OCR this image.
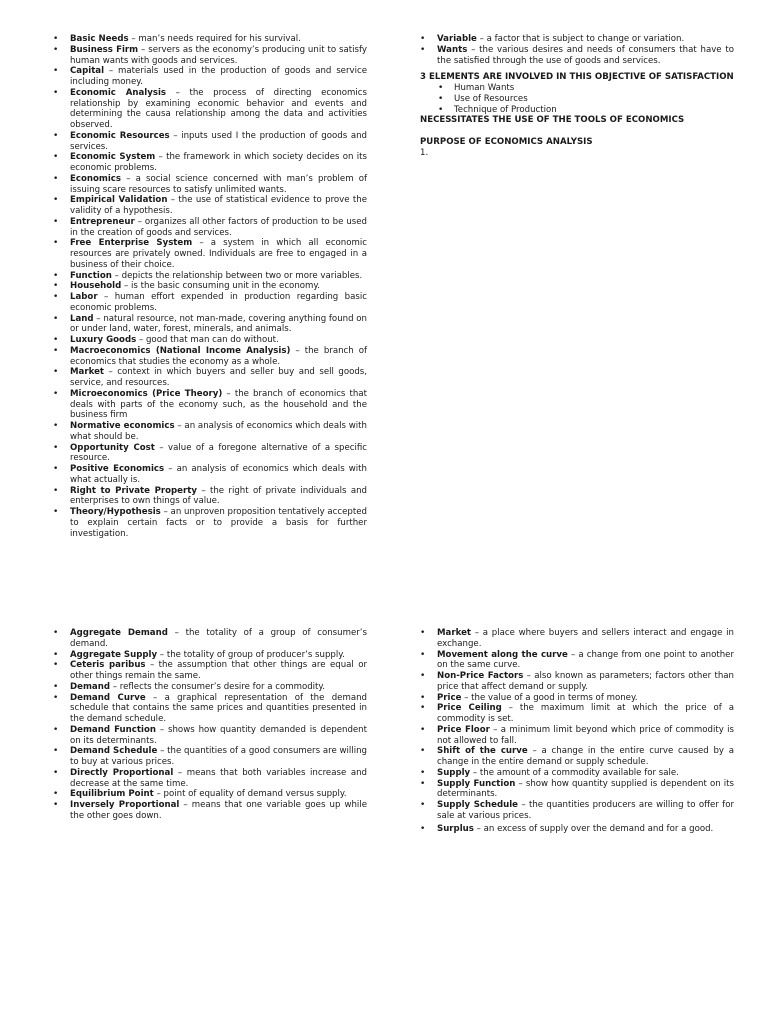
• Basic Needs – man’s needs required for his survival.
• Business Firm – servers as the economy’s producing unit to satisfy human wants with goods and services.
• Capital – materials used in the production of goods and service including money.
• Economic Analysis – the process of directing economics relationship by examining economic behavior and events and determining the causa relationship among the data and activities observed.
• Economic Resources – inputs used I the production of goods and services.
• Economic System – the framework in which society decides on its economic problems.
• Economics – a social science concerned with man’s problem of issuing scare resources to satisfy unlimited wants.
• Empirical Validation – the use of statistical evidence to prove the validity of a hypothesis.
• Entrepreneur – organizes all other factors of production to be used in the creation of goods and services.
• Free Enterprise System – a system in which all economic resources are privately owned. Individuals are free to engaged in a business of their choice.
• Function – depicts the relationship between two or more variables.
• Household – is the basic consuming unit in the economy.
• Labor – human effort expended in production regarding basic economic problems.
• Land – natural resource, not man-made, covering anything found on or under land, water, forest, minerals, and animals.
• Luxury Goods – good that man can do without.
• Macroeconomics (National Income Analysis) – the branch of economics that studies the economy as a whole.
• Market – context in which buyers and seller buy and sell goods, service, and resources.
• Microeconomics (Price Theory) – the branch of economics that deals with parts of the economy such, as the household and the business firm
• Normative economics – an analysis of economics which deals with what should be.
• Opportunity Cost – value of a foregone alternative of a specific resource.
• Positive Economics – an analysis of economics which deals with what actually is.
• Right to Private Property – the right of private individuals and enterprises to own things of value.
• Theory/Hypothesis – an unproven proposition tentatively accepted to explain certain facts or to provide a basis for further investigation.
• Variable – a factor that is subject to change or variation.
• Wants – the various desires and needs of consumers that have to the satisfied through the use of goods and services.
3 ELEMENTS ARE INVOLVED IN THIS OBJECTIVE OF SATISFACTION
• Human Wants
• Use of Resources
• Technique of Production
NECESSITATES THE USE OF THE TOOLS OF ECONOMICS
PURPOSE OF ECONOMICS ANALYSIS
1.
• Aggregate Demand – the totality of a group of consumer’s demand.
• Aggregate Supply – the totality of group of producer’s supply.
• Ceteris paribus – the assumption that other things are equal or other things remain the same.
• Demand – reflects the consumer’s desire for a commodity.
• Demand Curve – a graphical representation of the demand schedule that contains the same prices and quantities presented in the demand schedule.
• Demand Function – shows how quantity demanded is dependent on its determinants.
• Demand Schedule – the quantities of a good consumers are willing to buy at various prices.
• Directly Proportional – means that both variables increase and decrease at the same time.
• Equilibrium Point – point of equality of demand versus supply.
• Inversely Proportional – means that one variable goes up while the other goes down.
• Market – a place where buyers and sellers interact and engage in exchange.
• Movement along the curve – a change from one point to another on the same curve.
• Non-Price Factors – also known as parameters; factors other than price that affect demand or supply.
• Price – the value of a good in terms of money.
• Price Ceiling – the maximum limit at which the price of a commodity is set.
• Price Floor – a minimum limit beyond which price of commodity is not allowed to fall.
• Shift of the curve – a change in the entire curve caused by a change in the entire demand or supply schedule.
• Supply – the amount of a commodity available for sale.
• Supply Function – show how quantity supplied is dependent on its determinants.
• Supply Schedule – the quantities producers are willing to offer for sale at various prices.
• Surplus – an excess of supply over the demand and for a good.
